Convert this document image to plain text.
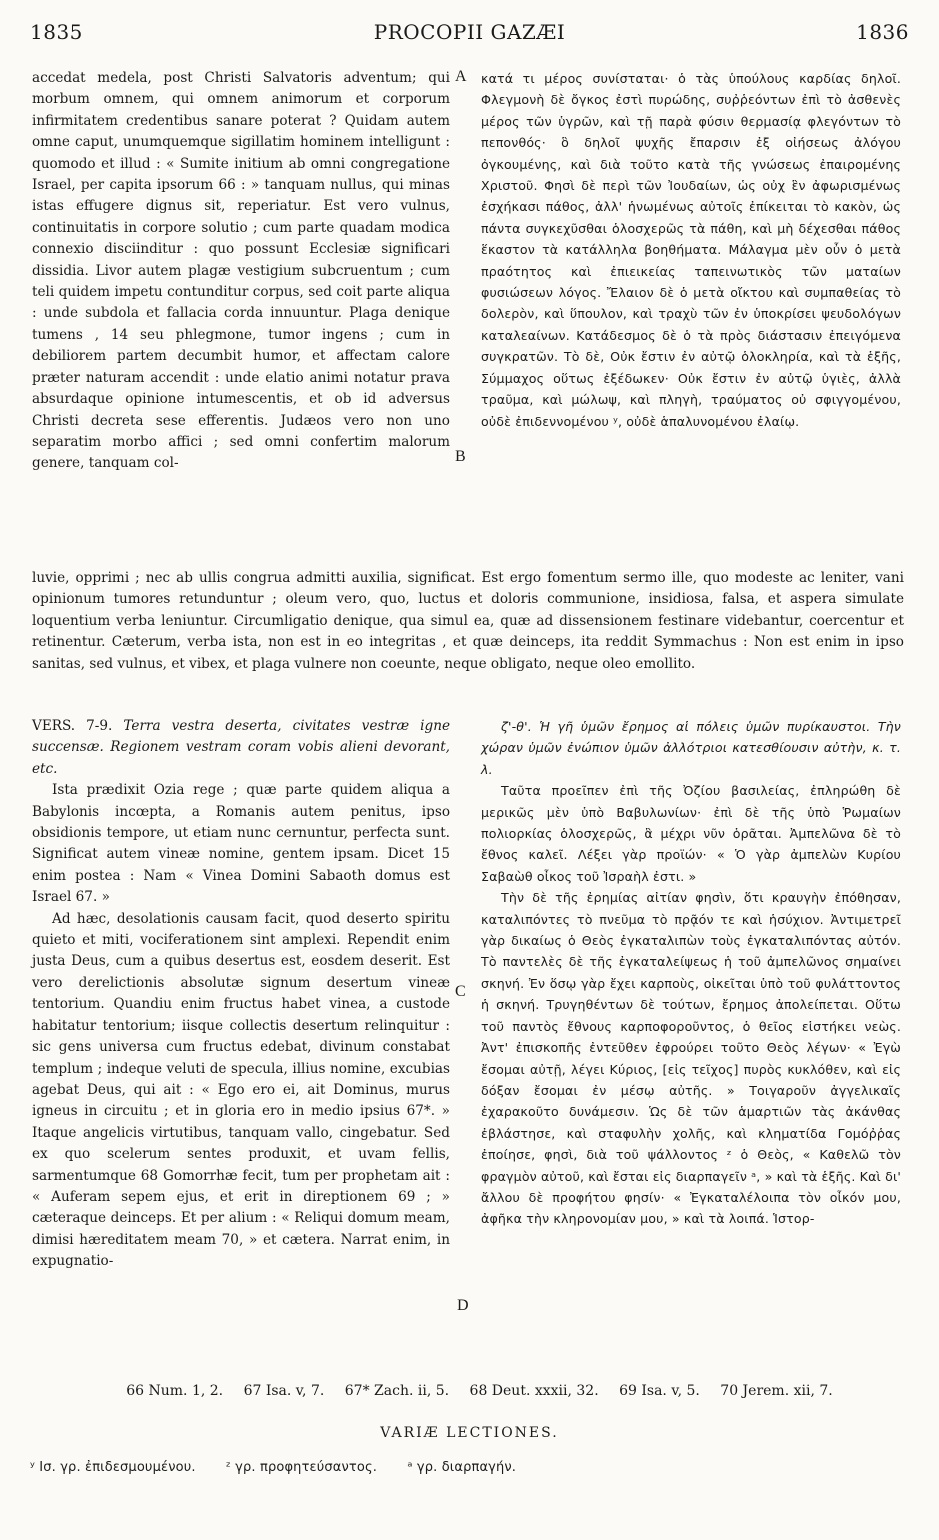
1835	PROCOPII GAZÆI	1836
A
B
C
D

accedat medela, post Christi Salvatoris adventum; qui morbum omnem, qui omnem animorum et corporum infirmitatem credentibus sanare poterat ? Quidam autem omne caput, unumquemque sigillatim hominem intelligunt : quomodo et illud : « Sumite initium ab omni congregatione Israel, per capita ipsorum 66 : » tanquam nullus, qui minas istas effugere dignus sit, reperiatur. Est vero vulnus, continuitatis in corpore solutio ; cum parte quadam modica connexio disciinditur : quo possunt Ecclesiæ significari dissidia. Livor autem plagæ vestigium subcruentum ; cum teli quidem impetu contunditur corpus, sed coit parte aliqua : unde subdola et fallacia corda innuuntur. Plaga denique tumens , 14 seu phlegmone, tumor ingens ; cum in debiliorem partem decumbit humor, et affectam calore præter naturam accendit : unde elatio animi notatur prava absurdaque opinione intumescentis, et ob id adversus Christi decreta sese efferentis. Judæos vero non uno separatim morbo affici ; sed omni confertim malorum genere, tanquam col-

κατά τι μέρος συνίσταται· ὁ τὰς ὑπούλους καρδίας δηλοῖ. Φλεγμονὴ δὲ ὄγκος ἐστὶ πυρώδης, συῤῥεόντων ἐπὶ τὸ ἀσθενὲς μέρος τῶν ὑγρῶν, καὶ τῇ παρὰ φύσιν θερμασίᾳ φλεγόντων τὸ πεπονθός· ὃ δηλοῖ ψυχῆς ἔπαρσιν ἐξ οἰήσεως ἀλόγου ὀγκουμένης, καὶ διὰ τοῦτο κατὰ τῆς γνώσεως ἐπαιρομένης Χριστοῦ. Φησὶ δὲ περὶ τῶν Ἰουδαίων, ὡς οὐχ ἓν ἀφωρισμένως ἐσχήκασι πάθος, ἀλλ' ἡνωμένως αὐτοῖς ἐπίκειται τὸ κακὸν, ὡς πάντα συγκεχῦσθαι ὁλοσχερῶς τὰ πάθη, καὶ μὴ δέχεσθαι πάθος ἕκαστον τὰ κατάλληλα βοηθήματα. Μάλαγμα μὲν οὖν ὁ μετὰ πραότητος καὶ ἐπιεικείας ταπεινωτικὸς τῶν ματαίων φυσιώσεων λόγος. Ἔλαιον δὲ ὁ μετὰ οἴκτου καὶ συμπαθείας τὸ δολερὸν, καὶ ὕπουλον, καὶ τραχὺ τῶν ἐν ὑποκρίσει ψευδολόγων καταλεαίνων. Κατάδεσμος δὲ ὁ τὰ πρὸς διάστασιν ἐπειγόμενα συγκρατῶν. Τὸ δὲ, Οὐκ ἔστιν ἐν αὐτῷ ὁλοκληρία, καὶ τὰ ἑξῆς, Σύμμαχος οὕτως ἐξέδωκεν· Οὐκ ἔστιν ἐν αὐτῷ ὑγιὲς, ἀλλὰ τραῦμα, καὶ μώλωψ, καὶ πληγὴ, τραύματος οὐ σφιγγομένου, οὐδὲ ἐπιδεννομένου ʸ, οὐδὲ ἁπαλυνομένου ἐλαίῳ.

luvie, opprimi ; nec ab ullis congrua admitti auxilia, significat. Est ergo fomentum sermo ille, quo modeste ac leniter, vani opinionum tumores retunduntur ; oleum vero, quo, luctus et doloris communione, insidiosa, falsa, et aspera simulate loquentium verba leniuntur. Circumligatio denique, qua simul ea, quæ ad dissensionem festinare videbantur, coercentur et retinentur. Cæterum, verba ista, non est in eo integritas , et quæ deinceps, ita reddit Symmachus : Non est enim in ipso sanitas, sed vulnus, et vibex, et plaga vulnere non coeunte, neque obligato, neque oleo emollito.

VERS. 7-9. Terra vestra deserta, civitates vestræ igne succensæ. Regionem vestram coram vobis alieni devorant, etc.

Ista prædixit Ozia rege ; quæ parte quidem aliqua a Babylonis incœpta, a Romanis autem penitus, ipso obsidionis tempore, ut etiam nunc cernuntur, perfecta sunt. Significat autem vineæ nomine, gentem ipsam. Dicet 15 enim postea : Nam « Vinea Domini Sabaoth domus est Israel 67. »

Ad hæc, desolationis causam facit, quod deserto spiritu quieto et miti, vociferationem sint amplexi. Rependit enim justa Deus, cum a quibus desertus est, eosdem deserit. Est vero derelictionis absolutæ signum desertum vineæ tentorium. Quandiu enim fructus habet vinea, a custode habitatur tentorium; iisque collectis desertum relinquitur : sic gens universa cum fructus edebat, divinum constabat templum ; indeque veluti de specula, illius nomine, excubias agebat Deus, qui ait : « Ego ero ei, ait Dominus, murus igneus in circuitu ; et in gloria ero in medio ipsius 67*. » Itaque angelicis virtutibus, tanquam vallo, cingebatur. Sed ex quo scelerum sentes produxit, et uvam fellis, sarmentumque 68 Gomorrhæ fecit, tum per prophetam ait : « Auferam sepem ejus, et erit in direptionem 69 ; » cæteraque deinceps. Et per alium : « Reliqui domum meam, dimisi hæreditatem meam 70, » et cætera. Narrat enim, in expugnatio-

ζ'-θ'. Ἡ γῆ ὑμῶν ἔρημος αἱ πόλεις ὑμῶν πυρίκαυστοι. Τὴν χώραν ὑμῶν ἐνώπιον ὑμῶν ἀλλότριοι κατεσθίουσιν αὐτὴν, κ. τ. λ.

Ταῦτα προεῖπεν ἐπὶ τῆς Ὀζίου βασιλείας, ἐπληρώθη δὲ μερικῶς μὲν ὑπὸ Βαβυλωνίων· ἐπὶ δὲ τῆς ὑπὸ Ῥωμαίων πολιορκίας ὁλοσχερῶς, ἃ μέχρι νῦν ὁρᾶται. Ἀμπελῶνα δὲ τὸ ἔθνος καλεῖ. Λέξει γὰρ προϊών· « Ὁ γὰρ ἀμπελὼν Κυρίου Σαβαὼθ οἶκος τοῦ Ἰσραὴλ ἐστι. »

Τὴν δὲ τῆς ἐρημίας αἰτίαν φησὶν, ὅτι κραυγὴν ἐπόθησαν, καταλιπόντες τὸ πνεῦμα τὸ πρᾷόν τε καὶ ἡσύχιον. Ἀντιμετρεῖ γὰρ δικαίως ὁ Θεὸς ἐγκαταλιπὼν τοὺς ἐγκαταλιπόντας αὐτόν. Τὸ παντελὲς δὲ τῆς ἐγκαταλείψεως ἡ τοῦ ἀμπελῶνος σημαίνει σκηνή. Ἐν ὅσῳ γὰρ ἔχει καρποὺς, οἰκεῖται ὑπὸ τοῦ φυλάττοντος ἡ σκηνή. Τρυγηθέντων δὲ τούτων, ἔρημος ἀπολείπεται. Οὕτω τοῦ παντὸς ἔθνους καρποφοροῦντος, ὁ θεῖος εἱστήκει νεὼς. Ἀντ' ἐπισκοπῆς ἐντεῦθεν ἐφρούρει τοῦτο Θεὸς λέγων· « Ἐγὼ ἔσομαι αὐτῇ, λέγει Κύριος, [εἰς τεῖχος] πυρὸς κυκλόθεν, καὶ εἰς δόξαν ἔσομαι ἐν μέσῳ αὐτῆς. » Τοιγαροῦν ἀγγελικαῖς ἐχαρακοῦτο δυνάμεσιν. Ὡς δὲ τῶν ἁμαρτιῶν τὰς ἀκάνθας ἐβλάστησε, καὶ σταφυλὴν χολῆς, καὶ κληματίδα Γομόῤῥας ἐποίησε, φησὶ, διὰ τοῦ ψάλλοντος ᶻ ὁ Θεὸς, « Καθελῶ τὸν φραγμὸν αὐτοῦ, καὶ ἔσται εἰς διαρπαγεῖν ᵃ, » καὶ τὰ ἑξῆς. Καὶ δι' ἄλλου δὲ προφήτου φησίν· « Ἐγκαταλέλοιπα τὸν οἶκόν μου, ἀφῆκα τὴν κληρονομίαν μου, » καὶ τὰ λοιπά. Ἱστορ-

66 Num. 1, 2. 67 Isa. v, 7. 67* Zach. ii, 5. 68 Deut. xxxii, 32. 69 Isa. v, 5. 70 Jerem. xii, 7.
VARIÆ LECTIONES.
ʸ Ισ. γρ. ἐπιδεσμουμένου. ᶻ γρ. προφητεύσαντος. ᵃ γρ. διαρπαγήν.
